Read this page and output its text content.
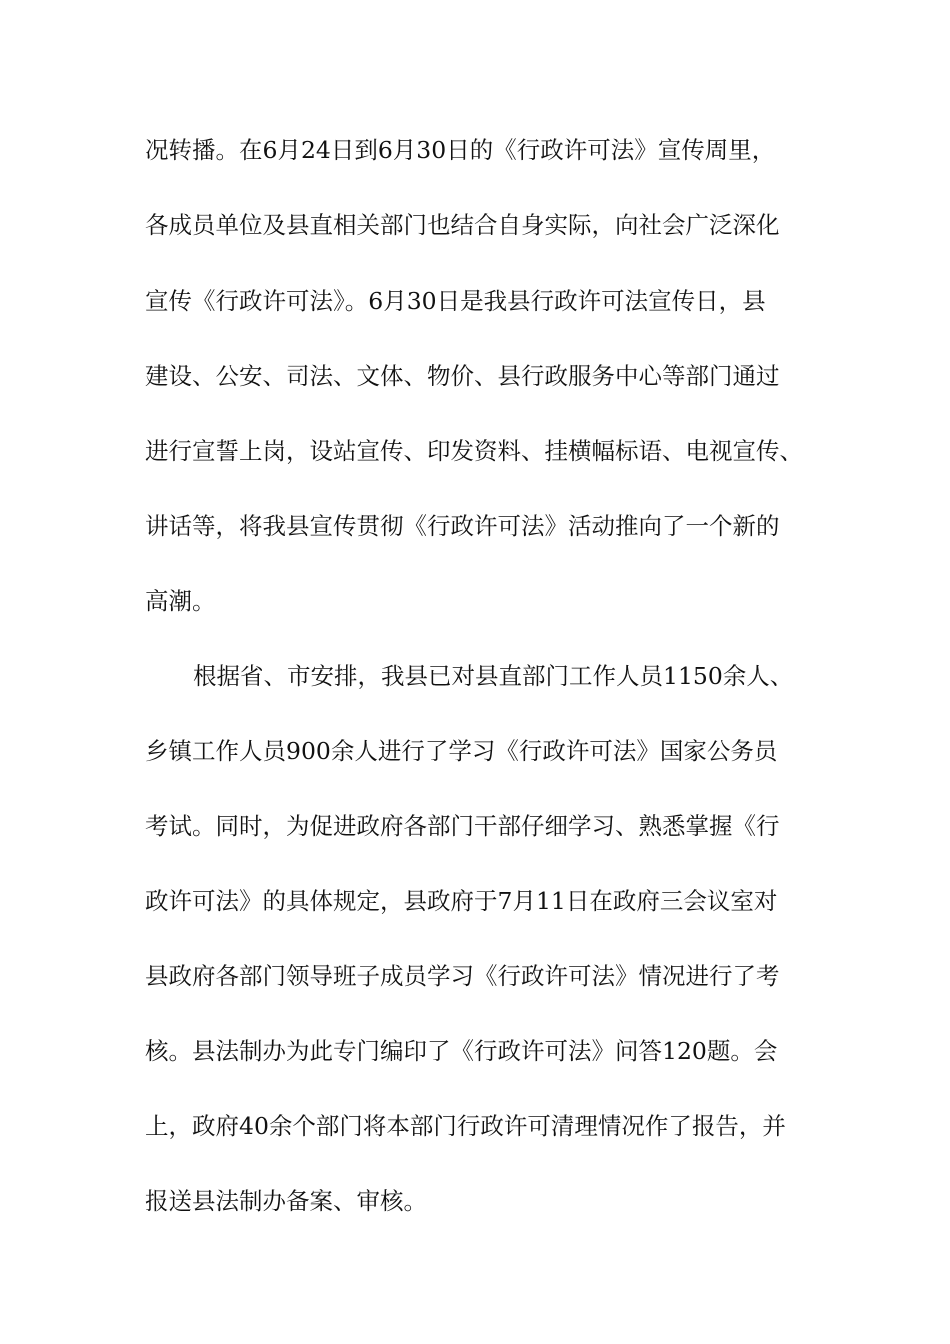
况转播。在6月24日到6月30日的《行政许可法》宣传周里，
各成员单位及县直相关部门也结合自身实际，向社会广泛深化
宣传《行政许可法》。6月30日是我县行政许可法宣传日，县
建设、公安、司法、文体、物价、县行政服务中心等部门通过
进行宣誓上岗，设站宣传、印发资料、挂横幅标语、电视宣传、
讲话等，将我县宣传贯彻《行政许可法》活动推向了一个新的
高潮。
根据省、市安排，我县已对县直部门工作人员1150余人、
乡镇工作人员900余人进行了学习《行政许可法》国家公务员
考试。同时，为促进政府各部门干部仔细学习、熟悉掌握《行
政许可法》的具体规定，县政府于7月11日在政府三会议室对
县政府各部门领导班子成员学习《行政许可法》情况进行了考
核。县法制办为此专门编印了《行政许可法》问答120题。会
上，政府40余个部门将本部门行政许可清理情况作了报告，并
报送县法制办备案、审核。
